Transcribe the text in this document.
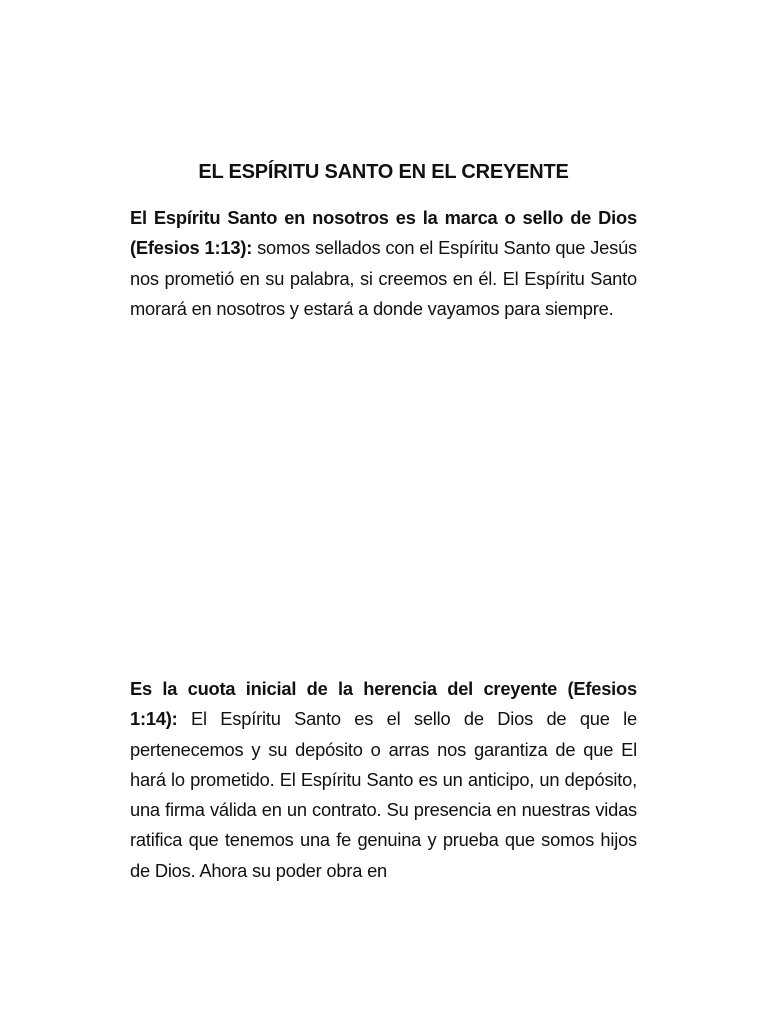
EL ESPÍRITU SANTO EN EL CREYENTE

El Espíritu Santo en nosotros es la marca o sello de Dios (Efesios 1:13): somos sellados con el Espíritu Santo que Jesús nos prometió en su palabra, si creemos en él. El Espíritu Santo morará en nosotros y estará a donde vayamos para siempre.

Es la cuota inicial de la herencia del creyente (Efesios 1:14): El Espíritu Santo es el sello de Dios de que le pertenecemos y su depósito o arras nos garantiza de que El hará lo prometido. El Espíritu Santo es un anticipo, un depósito, una firma válida en un contrato. Su presencia en nuestras vidas ratifica que tenemos una fe genuina y prueba que somos hijos de Dios. Ahora su poder obra en
